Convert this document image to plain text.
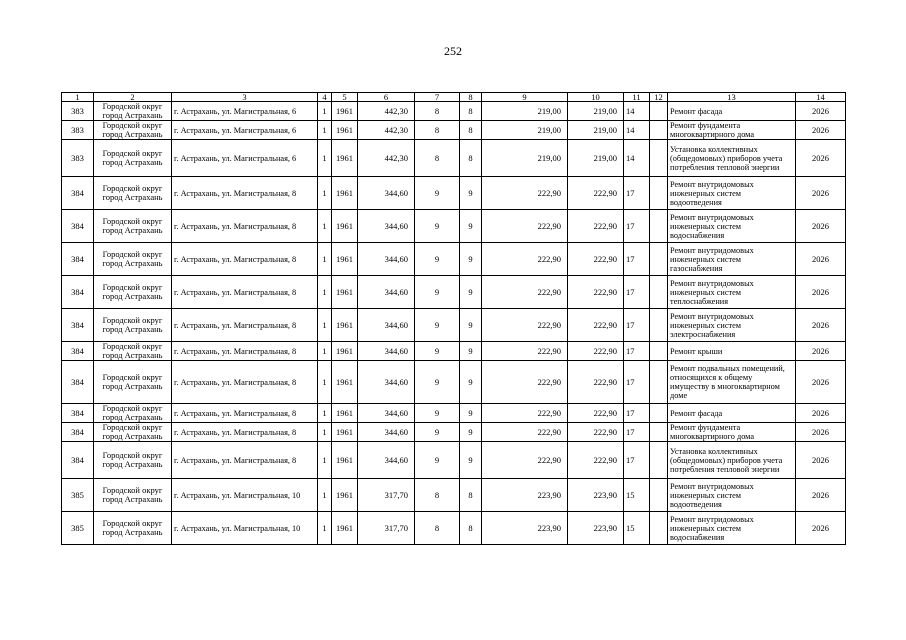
252
1	2	3	4	5	6	7	8	9	10	11	12	13	14
383	Городской округ город Астрахань	г. Астрахань, ул. Магистральная, 6	1	1961	442,30	8	8	219,00	219,00	14		Ремонт фасада	2026
383	Городской округ город Астрахань	г. Астрахань, ул. Магистральная, 6	1	1961	442,30	8	8	219,00	219,00	14		Ремонт фундамента многоквартирного дома	2026
383	Городской округ город Астрахань	г. Астрахань, ул. Магистральная, 6	1	1961	442,30	8	8	219,00	219,00	14		Установка коллективных (общедомовых) приборов учета потребления тепловой энергии	2026
384	Городской округ город Астрахань	г. Астрахань, ул. Магистральная, 8	1	1961	344,60	9	9	222,90	222,90	17		Ремонт внутридомовых инженерных систем водоотведения	2026
384	Городской округ город Астрахань	г. Астрахань, ул. Магистральная, 8	1	1961	344,60	9	9	222,90	222,90	17		Ремонт внутридомовых инженерных систем водоснабжения	2026
384	Городской округ город Астрахань	г. Астрахань, ул. Магистральная, 8	1	1961	344,60	9	9	222,90	222,90	17		Ремонт внутридомовых инженерных систем газоснабжения	2026
384	Городской округ город Астрахань	г. Астрахань, ул. Магистральная, 8	1	1961	344,60	9	9	222,90	222,90	17		Ремонт внутридомовых инженерных систем теплоснабжения	2026
384	Городской округ город Астрахань	г. Астрахань, ул. Магистральная, 8	1	1961	344,60	9	9	222,90	222,90	17		Ремонт внутридомовых инженерных систем электроснабжения	2026
384	Городской округ город Астрахань	г. Астрахань, ул. Магистральная, 8	1	1961	344,60	9	9	222,90	222,90	17		Ремонт крыши	2026
384	Городской округ город Астрахань	г. Астрахань, ул. Магистральная, 8	1	1961	344,60	9	9	222,90	222,90	17		Ремонт подвальных помещений, относящихся к общему имуществу в многоквартирном доме	2026
384	Городской округ город Астрахань	г. Астрахань, ул. Магистральная, 8	1	1961	344,60	9	9	222,90	222,90	17		Ремонт фасада	2026
384	Городской округ город Астрахань	г. Астрахань, ул. Магистральная, 8	1	1961	344,60	9	9	222,90	222,90	17		Ремонт фундамента многоквартирного дома	2026
384	Городской округ город Астрахань	г. Астрахань, ул. Магистральная, 8	1	1961	344,60	9	9	222,90	222,90	17		Установка коллективных (общедомовых) приборов учета потребления тепловой энергии	2026
385	Городской округ город Астрахань	г. Астрахань, ул. Магистральная, 10	1	1961	317,70	8	8	223,90	223,90	15		Ремонт внутридомовых инженерных систем водоотведения	2026
385	Городской округ город Астрахань	г. Астрахань, ул. Магистральная, 10	1	1961	317,70	8	8	223,90	223,90	15		Ремонт внутридомовых инженерных систем водоснабжения	2026
